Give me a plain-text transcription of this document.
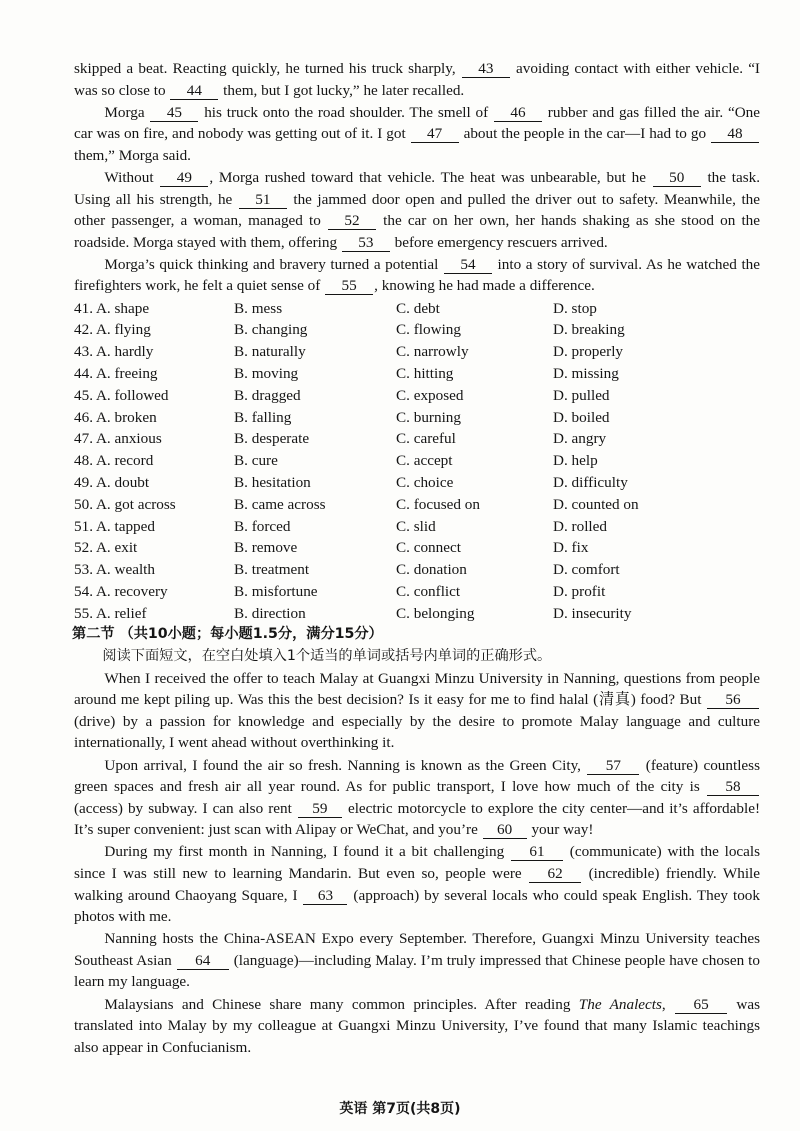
skipped a beat. Reacting quickly, he turned his truck sharply, 43 avoiding contact with either vehicle. “I was so close to 44 them, but I got lucky,” he later recalled.

Morga 45 his truck onto the road shoulder. The smell of 46 rubber and gas filled the air. “One car was on fire, and nobody was getting out of it. I got 47 about the people in the car—I had to go 48 them,” Morga said.

Without 49 , Morga rushed toward that vehicle. The heat was unbearable, but he 50 the task. Using all his strength, he 51 the jammed door open and pulled the driver out to safety. Meanwhile, the other passenger, a woman, managed to 52 the car on her own, her hands shaking as she stood on the roadside. Morga stayed with them, offering 53 before emergency rescuers arrived.

Morga’s quick thinking and bravery turned a potential 54 into a story of survival. As he watched the firefighters work, he felt a quiet sense of 55 , knowing he had made a difference.

41. A. shape	B. mess	C. debt	D. stop
42. A. flying	B. changing	C. flowing	D. breaking
43. A. hardly	B. naturally	C. narrowly	D. properly
44. A. freeing	B. moving	C. hitting	D. missing
45. A. followed	B. dragged	C. exposed	D. pulled
46. A. broken	B. falling	C. burning	D. boiled
47. A. anxious	B. desperate	C. careful	D. angry
48. A. record	B. cure	C. accept	D. help
49. A. doubt	B. hesitation	C. choice	D. difficulty
50. A. got across	B. came across	C. focused on	D. counted on
51. A. tapped	B. forced	C. slid	D. rolled
52. A. exit	B. remove	C. connect	D. fix
53. A. wealth	B. treatment	C. donation	D. comfort
54. A. recovery	B. misfortune	C. conflict	D. profit
55. A. relief	B. direction	C. belonging	D. insecurity
第二节 （共10小题；每小题1.5分，满分15分）
阅读下面短文，在空白处填入1个适当的单词或括号内单词的正确形式。

When I received the offer to teach Malay at Guangxi Minzu University in Nanning, questions from people around me kept piling up. Was this the best decision? Is it easy for me to find halal (清真) food? But 56 (drive) by a passion for knowledge and especially by the desire to promote Malay language and culture internationally, I went ahead without overthinking it.

Upon arrival, I found the air so fresh. Nanning is known as the Green City, 57 (feature) countless green spaces and fresh air all year round. As for public transport, I love how much of the city is 58 (access) by subway. I can also rent 59 electric motorcycle to explore the city center—and it’s affordable! It’s super convenient: just scan with Alipay or WeChat, and you’re 60 your way!

During my first month in Nanning, I found it a bit challenging 61 (communicate) with the locals since I was still new to learning Mandarin. But even so, people were 62 (incredible) friendly. While walking around Chaoyang Square, I 63 (approach) by several locals who could speak English. They took photos with me.

Nanning hosts the China-ASEAN Expo every September. Therefore, Guangxi Minzu University teaches Southeast Asian 64 (language)—including Malay. I’m truly impressed that Chinese people have chosen to learn my language.

Malaysians and Chinese share many common principles. After reading The Analects, 65 was translated into Malay by my colleague at Guangxi Minzu University, I’ve found that many Islamic teachings also appear in Confucianism.

英语 第7页(共8页)
